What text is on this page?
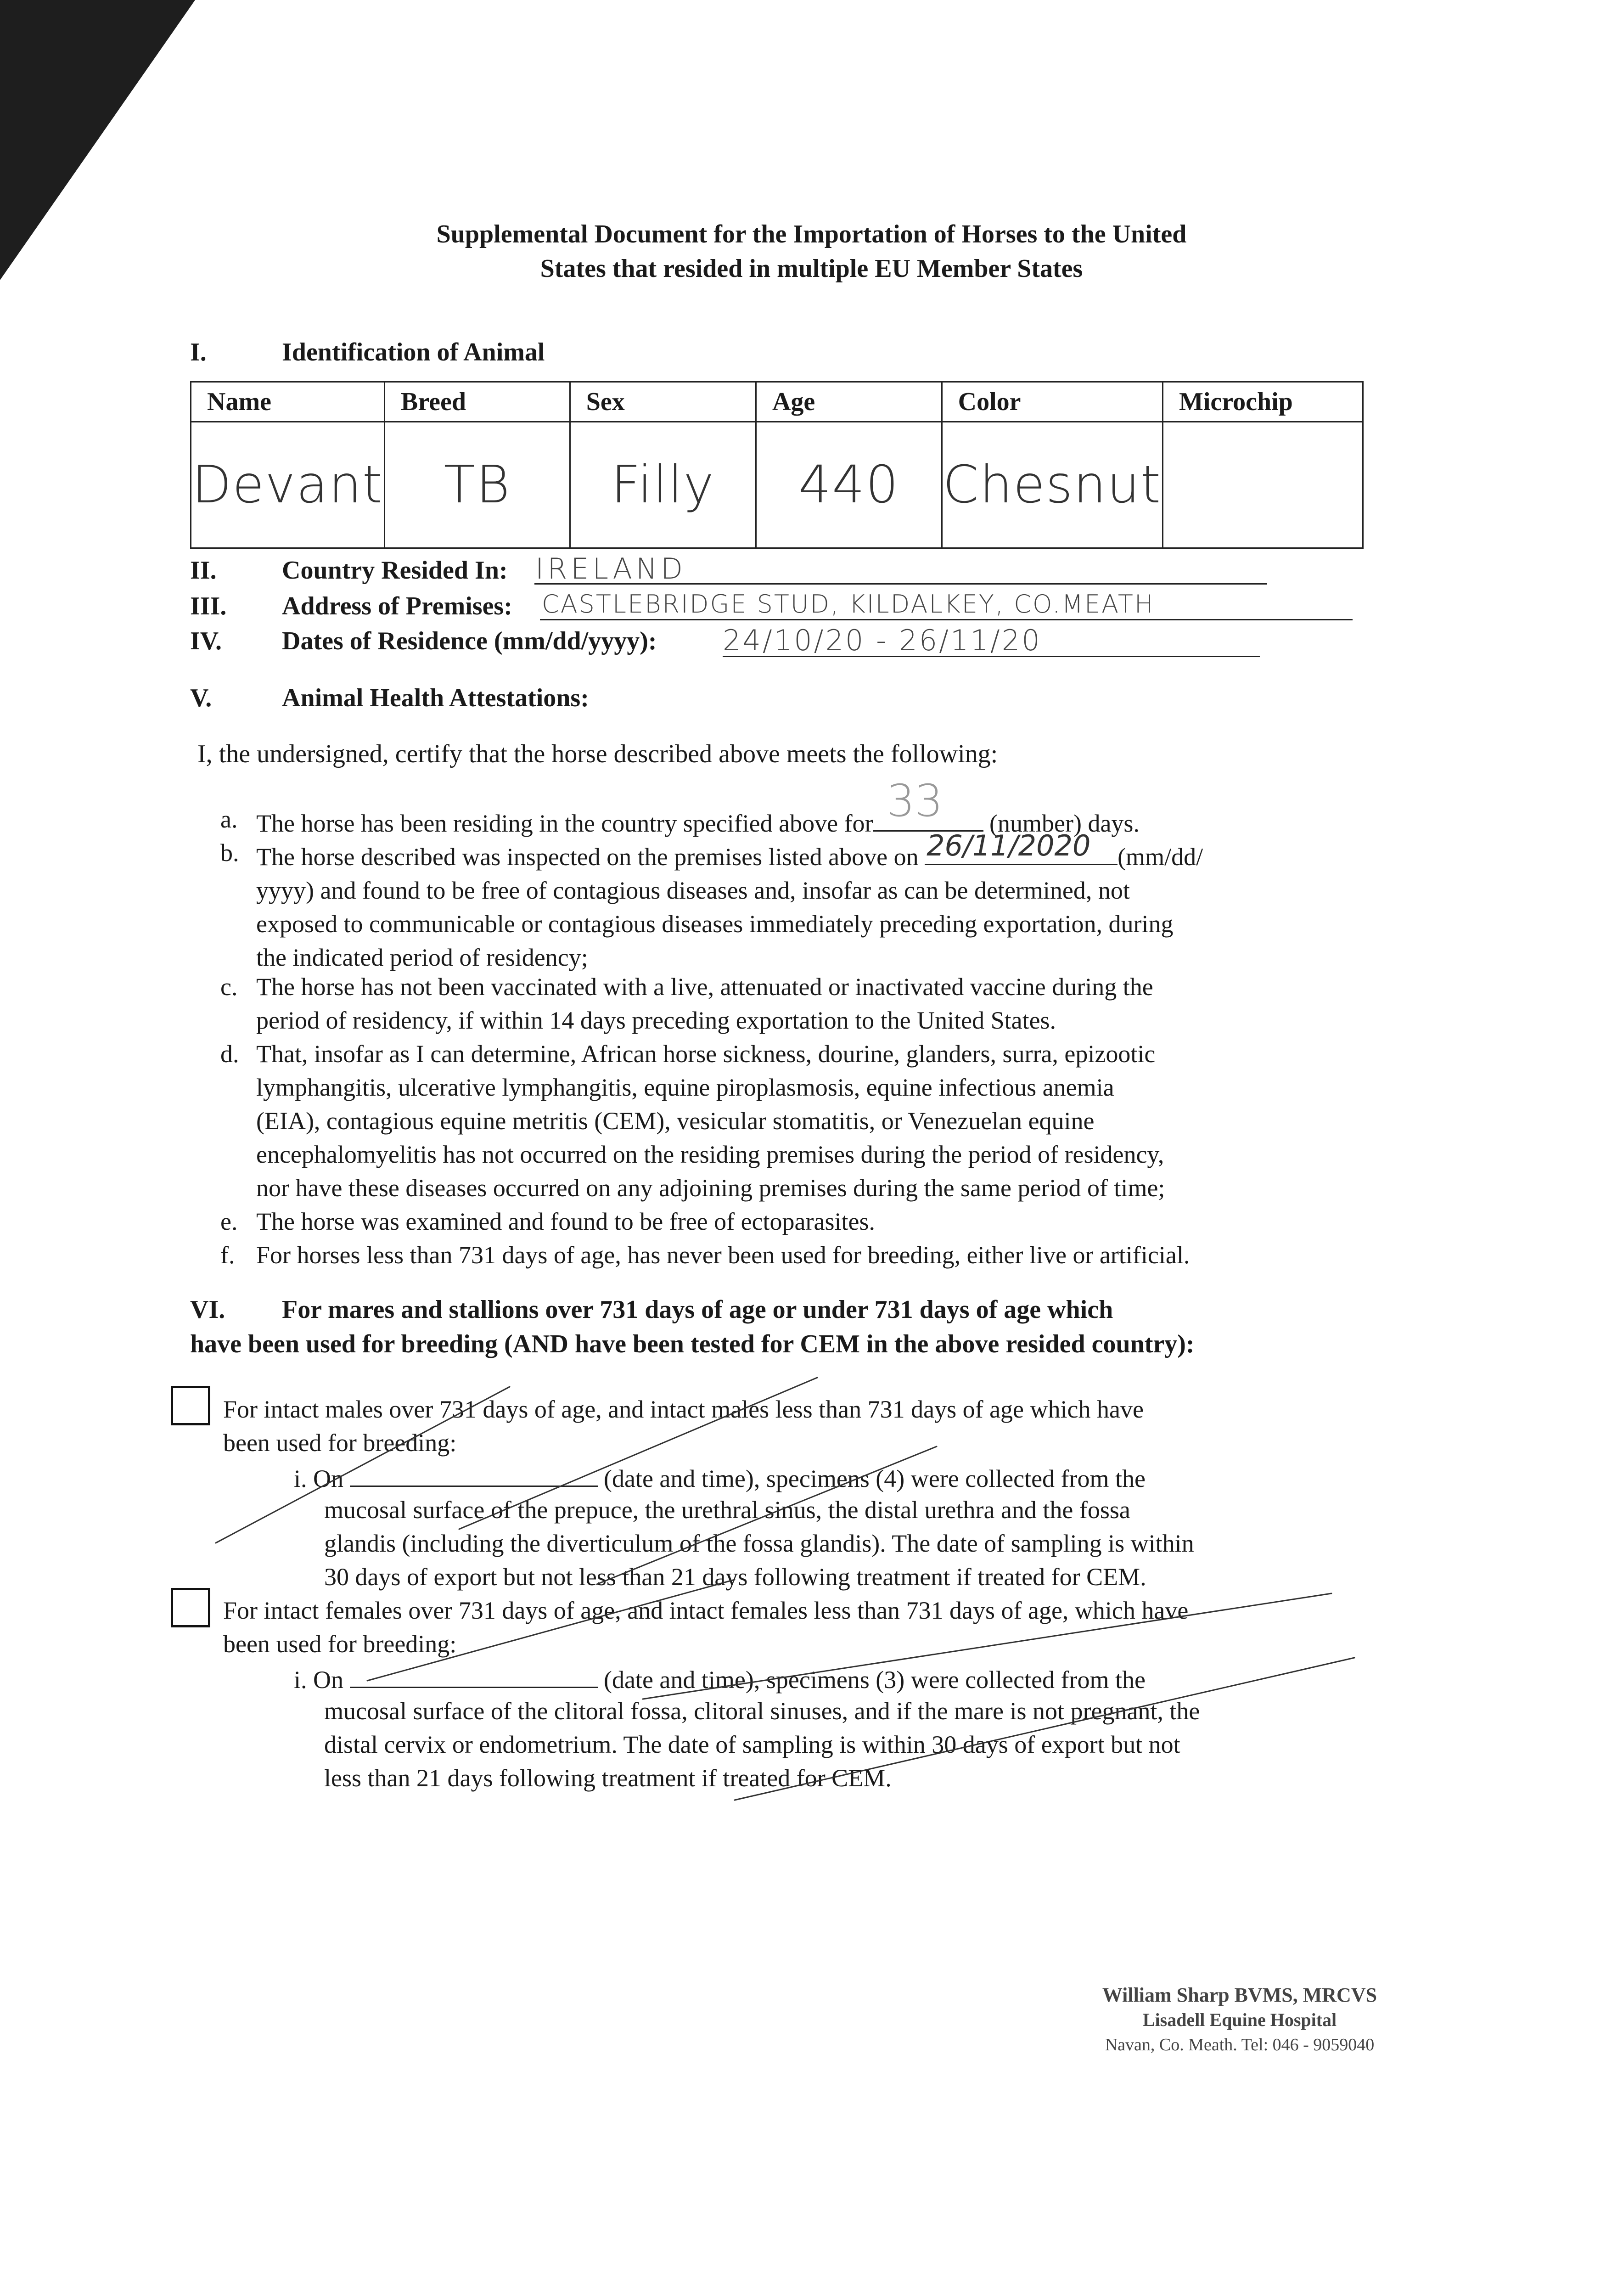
Supplemental Document for the Importation of Horses to the United
States that resided in multiple EU Member States
I.	Identification of Animal
Name	Breed	Sex	Age	Color	Microchip
Devant	TB	Filly	440	Chesnut	
II.	Country Resided In: IRELAND
III. Address of Premises: CASTLEBRIDGE STUD, KILDALKEY, CO.MEATH
IV. Dates of Residence (mm/dd/yyyy): 24/10/20 - 26/11/20
V.	Animal Health Attestations:
I, the undersigned, certify that the horse described above meets the following:
a. The horse has been residing in the country specified above for 33 (number) days.
b. The horse described was inspected on the premises listed above on 26/11/2020 (mm/dd/
yyyy) and found to be free of contagious diseases and, insofar as can be determined, not
exposed to communicable or contagious diseases immediately preceding exportation, during
the indicated period of residency;
c. The horse has not been vaccinated with a live, attenuated or inactivated vaccine during the
period of residency, if within 14 days preceding exportation to the United States.
d. That, insofar as I can determine, African horse sickness, dourine, glanders, surra, epizootic
lymphangitis, ulcerative lymphangitis, equine piroplasmosis, equine infectious anemia
(EIA), contagious equine metritis (CEM), vesicular stomatitis, or Venezuelan equine
encephalomyelitis has not occurred on the residing premises during the period of residency,
nor have these diseases occurred on any adjoining premises during the same period of time;
e. The horse was examined and found to be free of ectoparasites.
f. For horses less than 731 days of age, has never been used for breeding, either live or artificial.
VI. For mares and stallions over 731 days of age or under 731 days of age which
have been used for breeding (AND have been tested for CEM in the above resided country):
For intact males over 731 days of age, and intact males less than 731 days of age which have
been used for breeding:
i. On	(date and time), specimens (4) were collected from the
mucosal surface of the prepuce, the urethral sinus, the distal urethra and the fossa
glandis (including the diverticulum of the fossa glandis). The date of sampling is within
30 days of export but not less than 21 days following treatment if treated for CEM.
For intact females over 731 days of age, and intact females less than 731 days of age, which have
been used for breeding:
i. On	(date and time), specimens (3) were collected from the
mucosal surface of the clitoral fossa, clitoral sinuses, and if the mare is not pregnant, the
distal cervix or endometrium. The date of sampling is within 30 days of export but not
less than 21 days following treatment if treated for CEM.
William Sharp BVMS, MRCVS
Lisadell Equine Hospital
Navan, Co. Meath. Tel: 046 - 9059040
